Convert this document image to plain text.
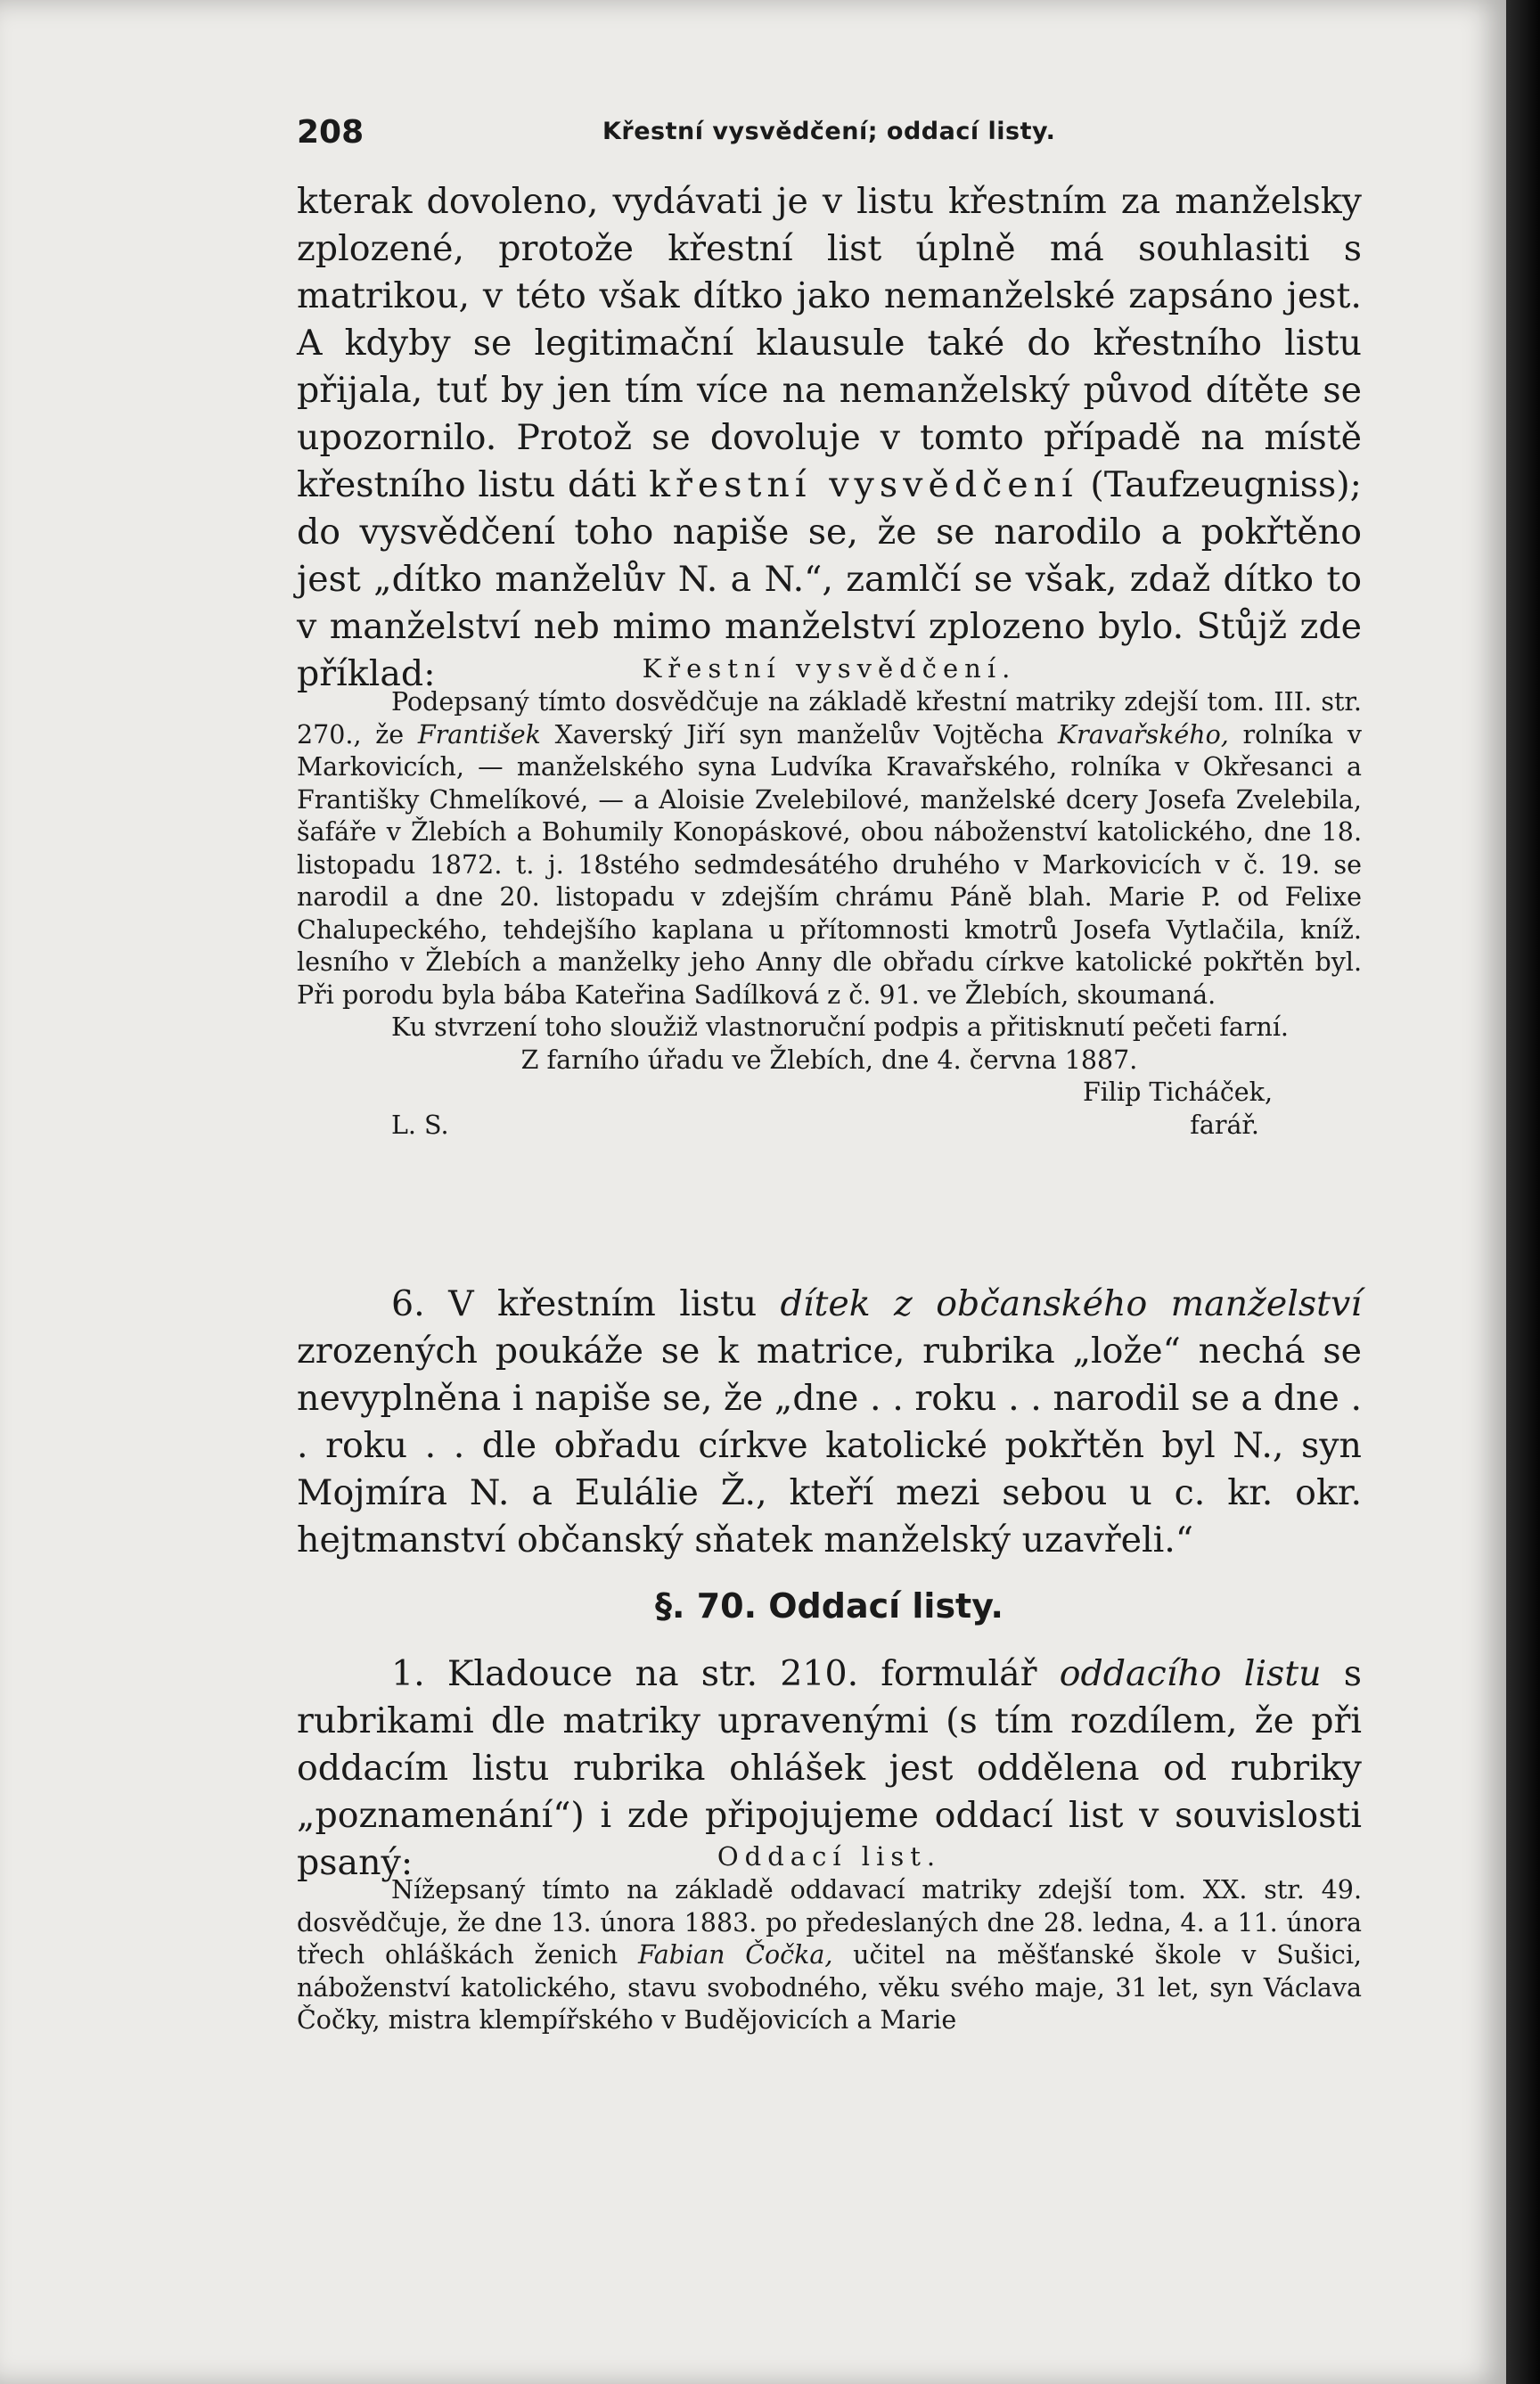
208	Křestní vysvědčení; oddací listy.

kterak dovoleno, vydávati je v listu křestním za manželsky zplozené, protože křestní list úplně má souhlasiti s matrikou, v této však dítko jako nemanželské zapsáno jest. A kdyby se legitimační klausule také do křestního listu přijala, tuť by jen tím více na nemanželský původ dítěte se upozornilo. Protož se dovoluje v tomto případě na místě křestního listu dáti křestní vysvědčení (Taufzeugniss); do vysvědčení toho napiše se, že se narodilo a pokřtěno jest „dítko manželův N. a N.“, zamlčí se však, zdaž dítko to v manželství neb mimo manželství zplozeno bylo. Stůjž zde příklad:	Křestní vysvědčení.

Podepsaný tímto dosvědčuje na základě křestní matriky zdejší tom. III. str. 270., že František Xaverský Jiří syn manželův Vojtěcha Kravařského, rolníka v Markovicích, — manželského syna Ludvíka Kravařského, rolníka v Okřesanci a Františky Chmelíkové, — a Aloisie Zvelebilové, manželské dcery Josefa Zvelebila, šafáře v Žlebích a Bohumily Konopáskové, obou náboženství katolického, dne 18. listopadu 1872. t. j. 18stého sedmdesátého druhého v Markovicích v č. 19. se narodil a dne 20. listopadu v zdejším chrámu Páně blah. Marie P. od Felixe Chalupeckého, tehdejšího kaplana u přítomnosti kmotrů Josefa Vytlačila, kníž. lesního v Žlebích a manželky jeho Anny dle obřadu církve katolické pokřtěn byl. Při porodu byla bába Kateřina Sadílková z č. 91. ve Žlebích, skoumaná.

Ku stvrzení toho sloužiž vlastnoruční podpis a přitisknutí pečeti farní.

Z farního úřadu ve Žlebích, dne 4. června 1887.

Filip Ticháček,

L. S.	farář.

6. V křestním listu dítek z občanského manželství zrozených poukáže se k matrice, rubrika „lože“ nechá se nevyplněna i napiše se, že „dne . . roku . . narodil se a dne . . roku . . dle obřadu církve katolické pokřtěn byl N., syn Mojmíra N. a Eulálie Ž., kteří mezi sebou u c. kr. okr. hejtmanství občanský sňatek manželský uzavřeli.“

§. 70. Oddací listy.

1. Kladouce na str. 210. formulář oddacího listu s rubrikami dle matriky upravenými (s tím rozdílem, že při oddacím listu rubrika ohlášek jest oddělena od rubriky „poznamenání“) i zde připojujeme oddací list v souvislosti psaný:	Oddací list.

Nížepsaný tímto na základě oddavací matriky zdejší tom. XX. str. 49. dosvědčuje, že dne 13. února 1883. po předeslaných dne 28. ledna, 4. a 11. února třech ohláškách ženich Fabian Čočka, učitel na měšťanské škole v Sušici, náboženství katolického, stavu svobodného, věku svého maje, 31 let, syn Václava Čočky, mistra klempířského v Budějovicích a Marie
